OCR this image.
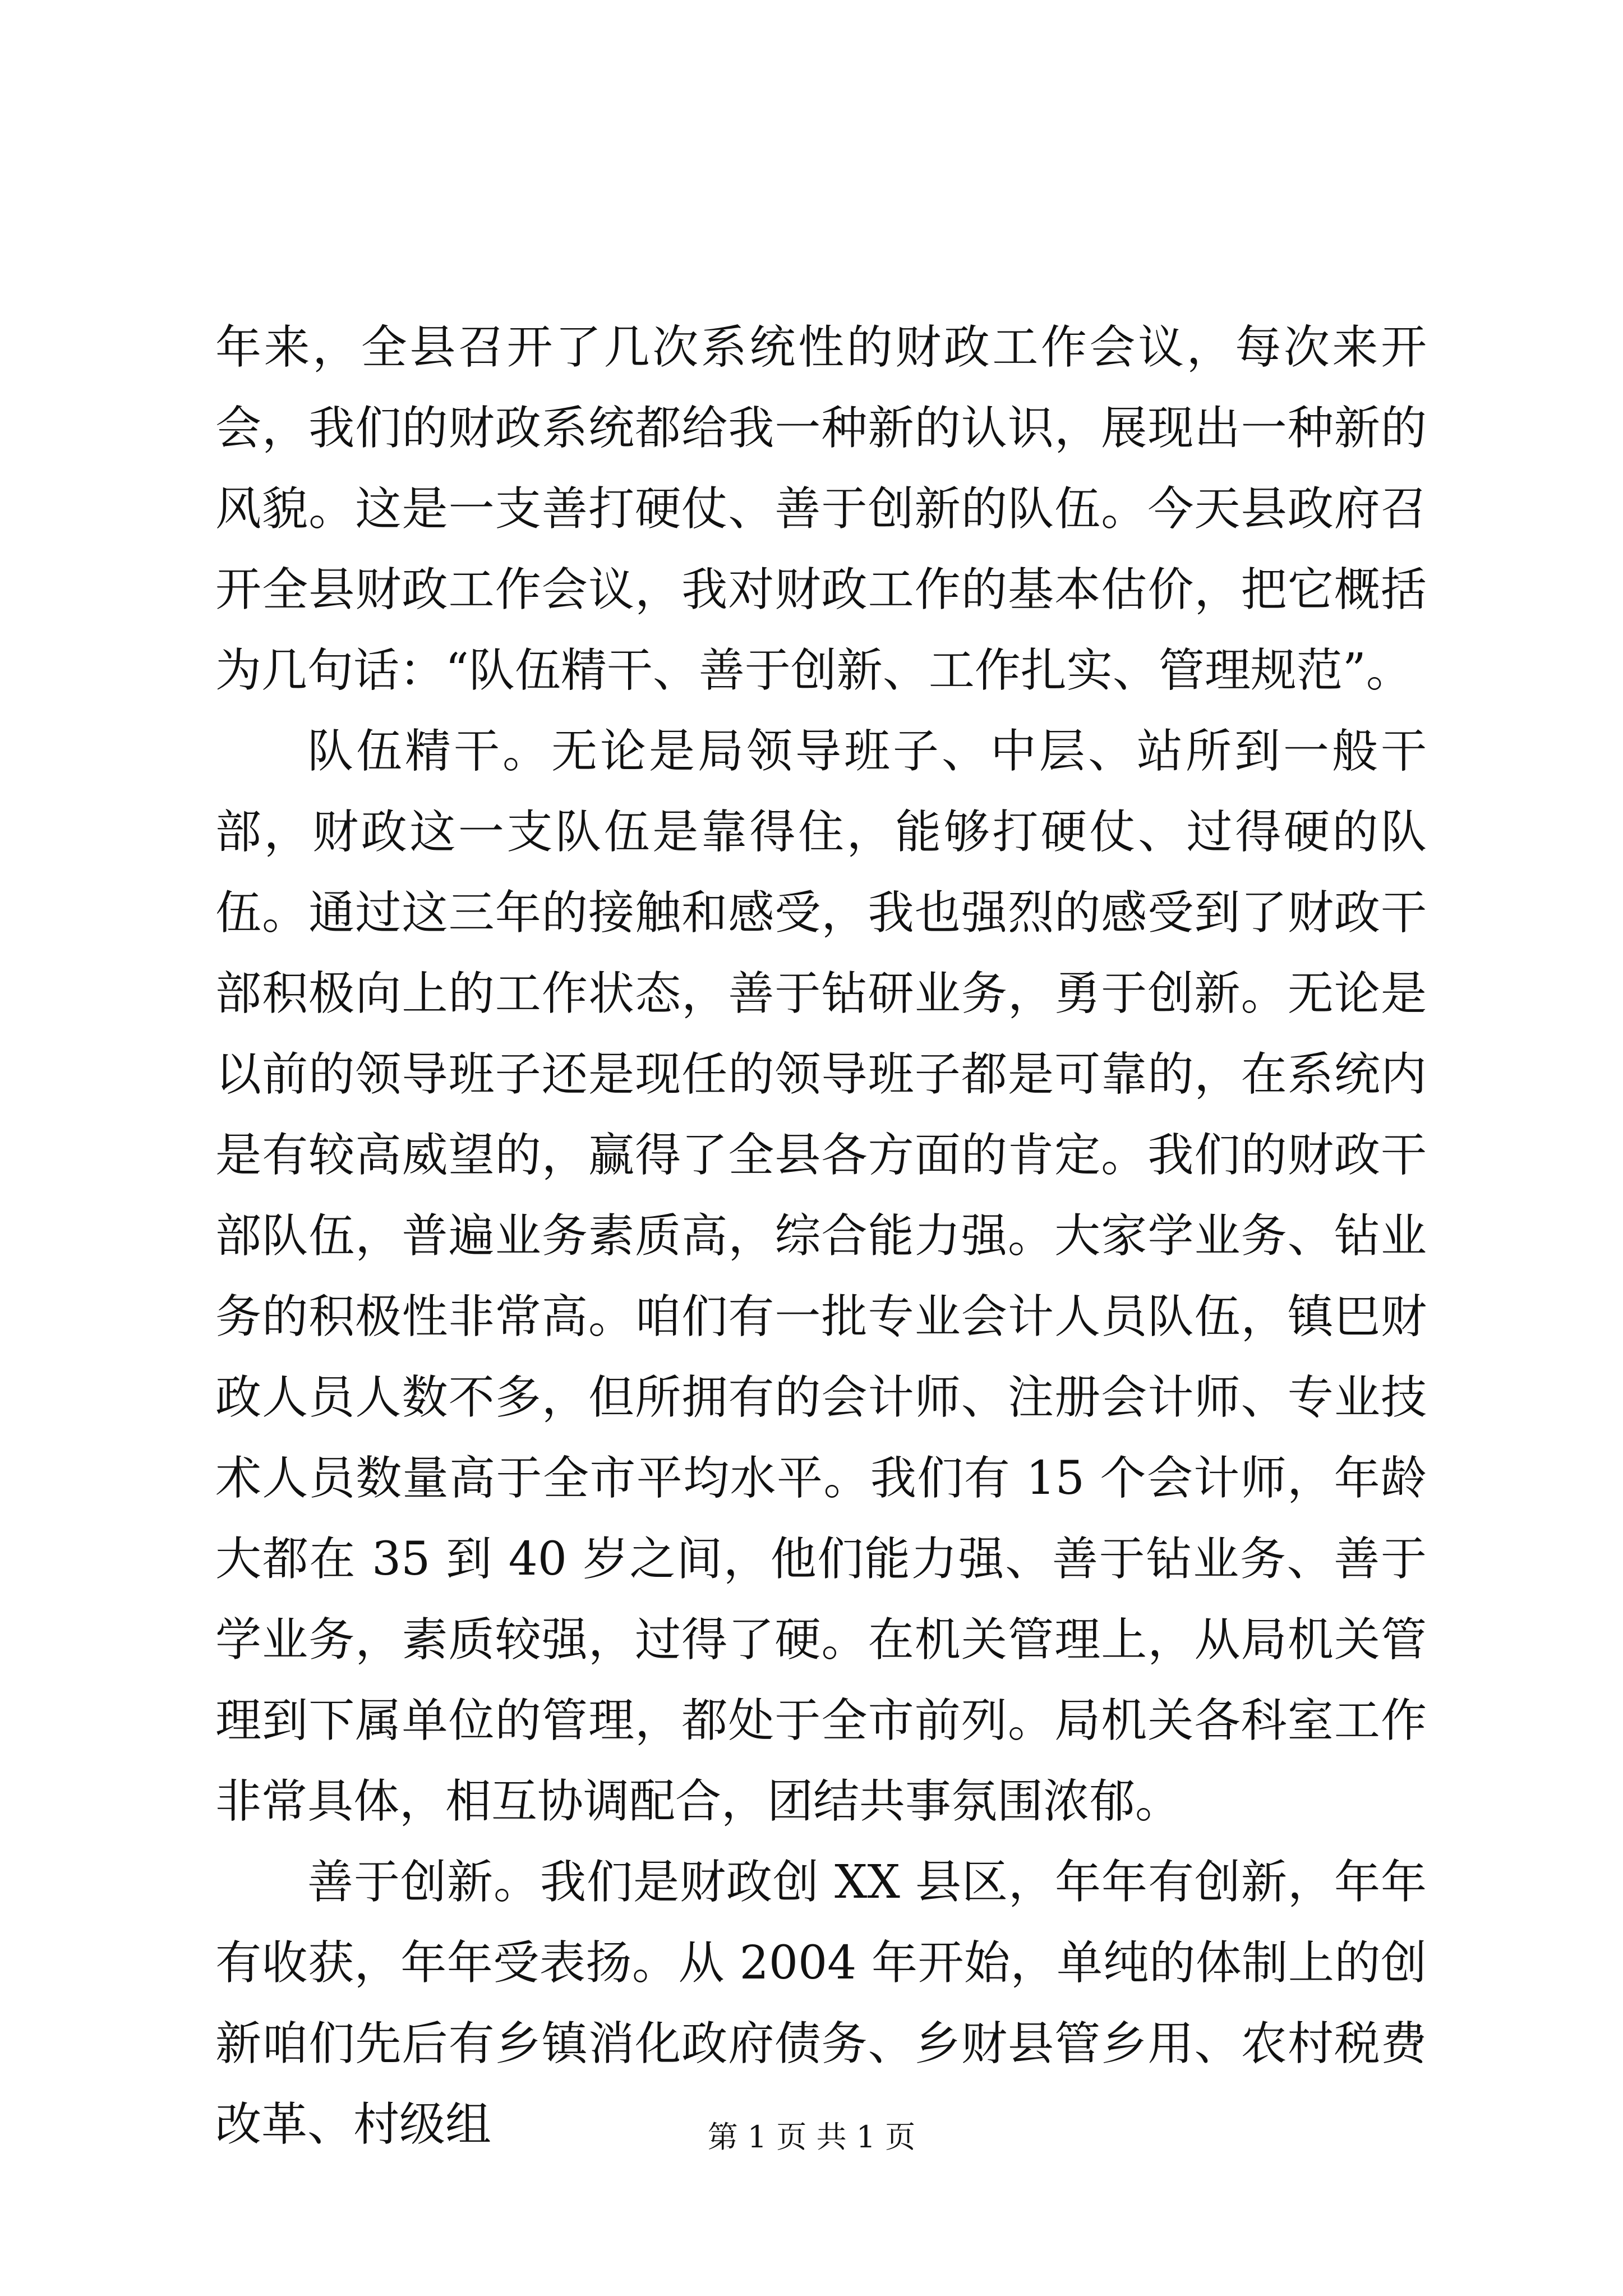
年来，全县召开了几次系统性的财政工作会议，每次来开会，我们的财政系统都给我一种新的认识，展现出一种新的风貌。这是一支善打硬仗、善于创新的队伍。今天县政府召开全县财政工作会议，我对财政工作的基本估价，把它概括为几句话：“队伍精干、善于创新、工作扎实、管理规范”。

队伍精干。无论是局领导班子、中层、站所到一般干部，财政这一支队伍是靠得住，能够打硬仗、过得硬的队伍。通过这三年的接触和感受，我也强烈的感受到了财政干部积极向上的工作状态，善于钻研业务，勇于创新。无论是以前的领导班子还是现任的领导班子都是可靠的，在系统内是有较高威望的，赢得了全县各方面的肯定。我们的财政干部队伍，普遍业务素质高，综合能力强。大家学业务、钻业务的积极性非常高。咱们有一批专业会计人员队伍，镇巴财政人员人数不多，但所拥有的会计师、注册会计师、专业技术人员数量高于全市平均水平。我们有 15 个会计师，年龄大都在 35 到 40 岁之间，他们能力强、善于钻业务、善于学业务，素质较强，过得了硬。在机关管理上，从局机关管理到下属单位的管理，都处于全市前列。局机关各科室工作非常具体，相互协调配合，团结共事氛围浓郁。

善于创新。我们是财政创 XX 县区，年年有创新，年年有收获，年年受表扬。从 2004 年开始，单纯的体制上的创新咱们先后有乡镇消化政府债务、乡财县管乡用、农村税费改革、村级组	第 1 页 共 1 页
